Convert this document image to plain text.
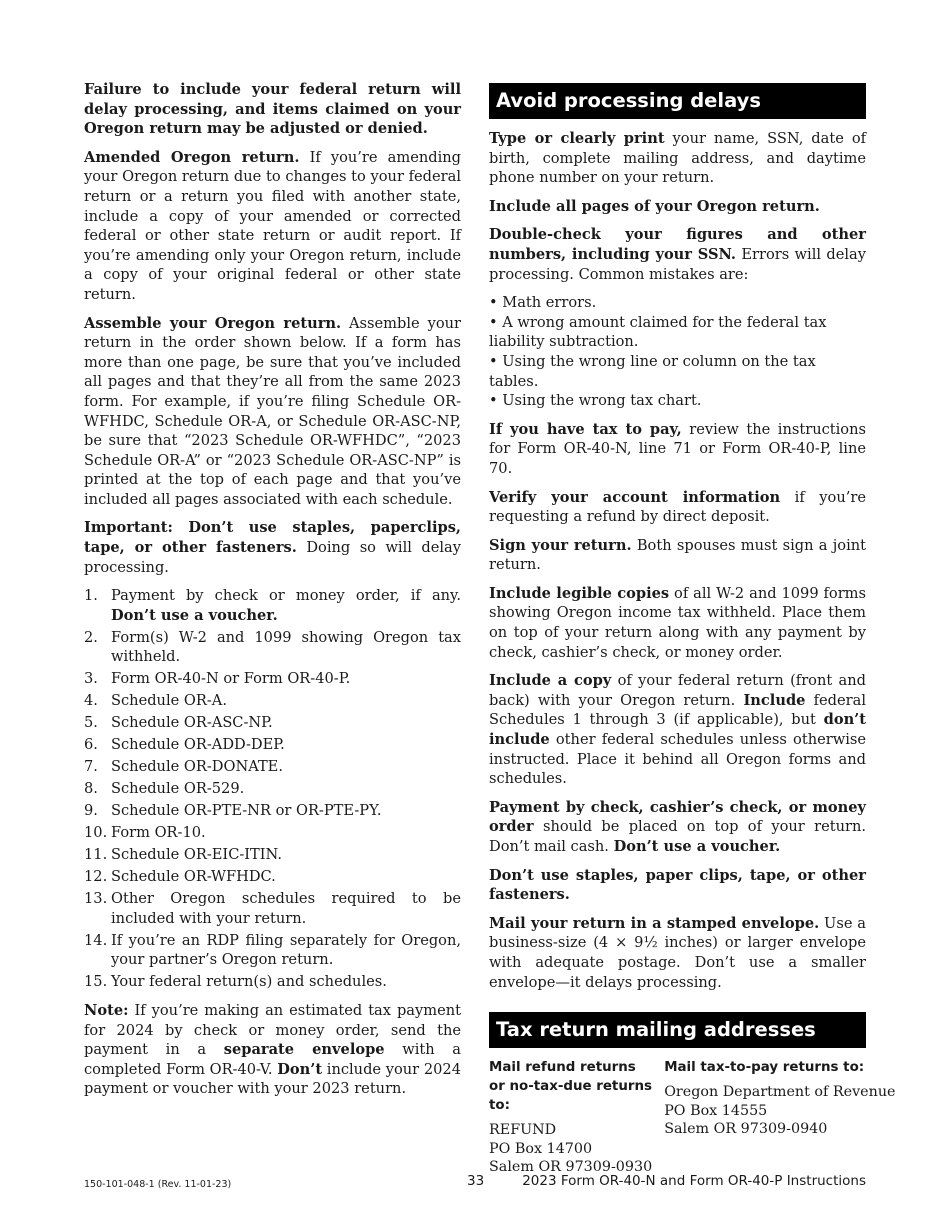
Failure to include your federal return will delay processing, and items claimed on your Oregon return may be adjusted or denied.

Amended Oregon return. If you’re amending your Oregon return due to changes to your federal return or a return you filed with another state, include a copy of your amended or corrected federal or other state return or audit report. If you’re amending only your Oregon return, include a copy of your original federal or other state return.

Assemble your Oregon return. Assemble your return in the order shown below. If a form has more than one page, be sure that you’ve included all pages and that they’re all from the same 2023 form. For example, if you’re filing Schedule OR-WFHDC, Schedule OR-A, or Schedule OR-ASC-NP, be sure that “2023 Schedule OR-WFHDC”, “2023 Schedule OR-A” or “2023 Schedule OR-ASC-NP” is printed at the top of each page and that you’ve included all pages associated with each schedule.

Important: Don’t use staples, paperclips, tape, or other fasteners. Doing so will delay processing.

1. Payment by check or money order, if any. Don’t use a voucher.
2. Form(s) W-2 and 1099 showing Oregon tax withheld.
3. Form OR-40-N or Form OR-40-P.
4. Schedule OR-A.
5. Schedule OR-ASC-NP.
6. Schedule OR-ADD-DEP.
7. Schedule OR-DONATE.
8. Schedule OR-529.
9. Schedule OR-PTE-NR or OR-PTE-PY.
10. Form OR-10.
11. Schedule OR-EIC-ITIN.
12. Schedule OR-WFHDC.
13. Other Oregon schedules required to be included with your return.
14. If you’re an RDP filing separately for Oregon, your partner’s Oregon return.
15. Your federal return(s) and schedules.

Note: If you’re making an estimated tax payment for 2024 by check or money order, send the payment in a separate envelope with a completed Form OR-40-V. Don’t include your 2024 payment or voucher with your 2023 return.

Avoid processing delays

Type or clearly print your name, SSN, date of birth, complete mailing address, and daytime phone number on your return.

Include all pages of your Oregon return.

Double-check your figures and other numbers, including your SSN. Errors will delay processing. Common mistakes are:

• Math errors.
• A wrong amount claimed for the federal tax liability subtraction.
• Using the wrong line or column on the tax tables.
• Using the wrong tax chart.

If you have tax to pay, review the instructions for Form OR-40-N, line 71 or Form OR-40-P, line 70.

Verify your account information if you’re requesting a refund by direct deposit.

Sign your return. Both spouses must sign a joint return.

Include legible copies of all W-2 and 1099 forms showing Oregon income tax withheld. Place them on top of your return along with any payment by check, cashier’s check, or money order.

Include a copy of your federal return (front and back) with your Oregon return. Include federal Schedules 1 through 3 (if applicable), but don’t include other federal schedules unless otherwise instructed. Place it behind all Oregon forms and schedules.

Payment by check, cashier’s check, or money order should be placed on top of your return. Don’t mail cash. Don’t use a voucher.

Don’t use staples, paper clips, tape, or other fasteners.

Mail your return in a stamped envelope. Use a business-size (4 × 9½ inches) or larger envelope with adequate postage. Don’t use a smaller envelope—it delays processing.

Tax return mailing addresses
Mail refund returns or no-tax-due returns to:
REFUND
PO Box 14700
Salem OR 97309-0930
Mail tax-to-pay returns to:
Oregon Department of Revenue
PO Box 14555
Salem OR 97309-0940
150-101-048-1 (Rev. 11-01-23)	33	2023 Form OR-40-N and Form OR-40-P Instructions
